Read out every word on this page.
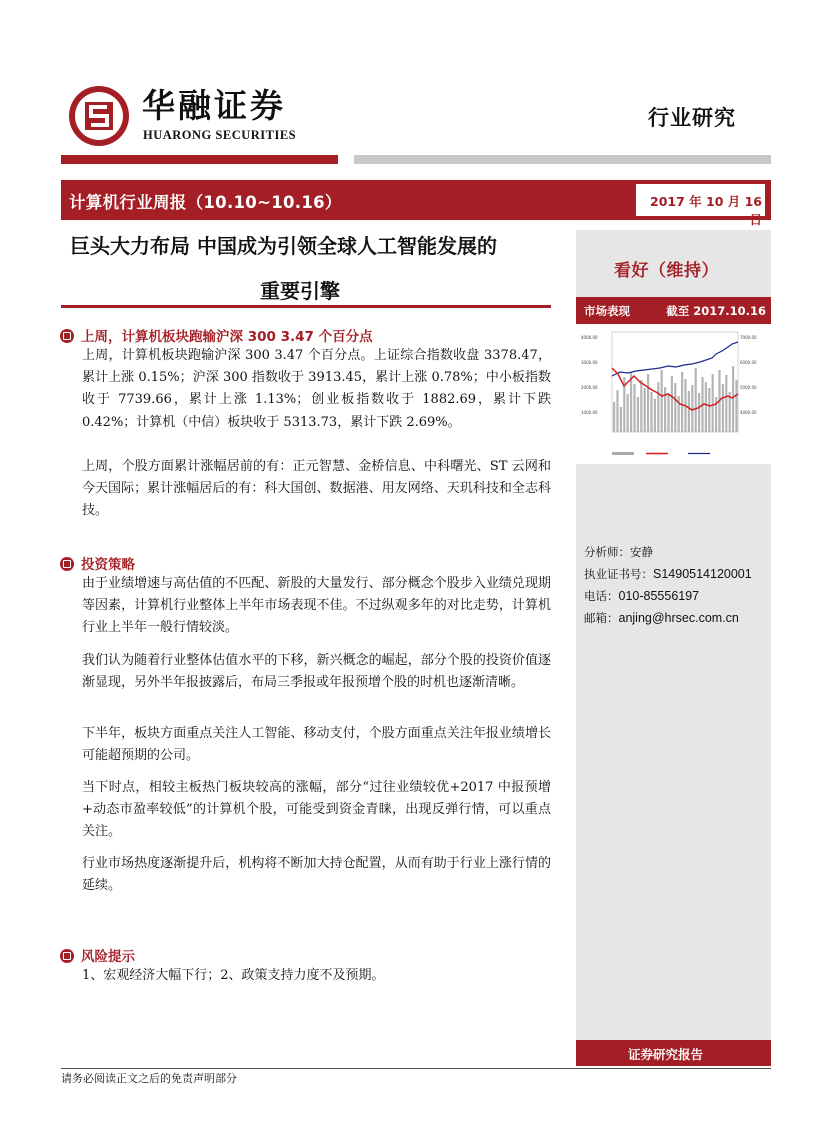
华融证券
HUARONG SECURITIES
行业研究
计算机行业周报（10.10~10.16）	2017 年 10 月 16 日
巨头大力布局 中国成为引领全球人工智能发展的
重要引擎
看好（维持）
市场表现	截至 2017.10.16
4000.00
3000.00
2000.00
1000.00
7000.00
6000.00
5000.00
4000.00
分析师：安静
执业证书号：S1490514120001
电话：010-85556197
邮箱：anjing@hrsec.com.cn
证券研究报告
上周，计算机板块跑输沪深 300 3.47 个百分点
上周，计算机板块跑输沪深 300 3.47 个百分点。上证综合指数收盘 3378.47，累计上涨 0.15%；沪深 300 指数收于 3913.45，累计上涨 0.78%；中小板指数收于 7739.66，累计上涨 1.13%；创业板指数收于 1882.69，累计下跌 0.42%；计算机（中信）板块收于 5313.73，累计下跌 2.69%。
上周，个股方面累计涨幅居前的有：正元智慧、金桥信息、中科曙光、ST 云网和今天国际；累计涨幅居后的有：科大国创、数据港、用友网络、天玑科技和全志科技。
投资策略
由于业绩增速与高估值的不匹配、新股的大量发行、部分概念个股步入业绩兑现期等因素，计算机行业整体上半年市场表现不佳。不过纵观多年的对比走势，计算机行业上半年一般行情较淡。
我们认为随着行业整体估值水平的下移，新兴概念的崛起，部分个股的投资价值逐渐显现，另外半年报披露后，布局三季报或年报预增个股的时机也逐渐清晰。
下半年，板块方面重点关注人工智能、移动支付，个股方面重点关注年报业绩增长可能超预期的公司。
当下时点，相较主板热门板块较高的涨幅，部分“过往业绩较优+2017 中报预增+动态市盈率较低”的计算机个股，可能受到资金青睐，出现反弹行情，可以重点关注。
行业市场热度逐渐提升后，机构将不断加大持仓配置，从而有助于行业上涨行情的延续。
风险提示
1、宏观经济大幅下行；2、政策支持力度不及预期。
请务必阅读正文之后的免责声明部分
